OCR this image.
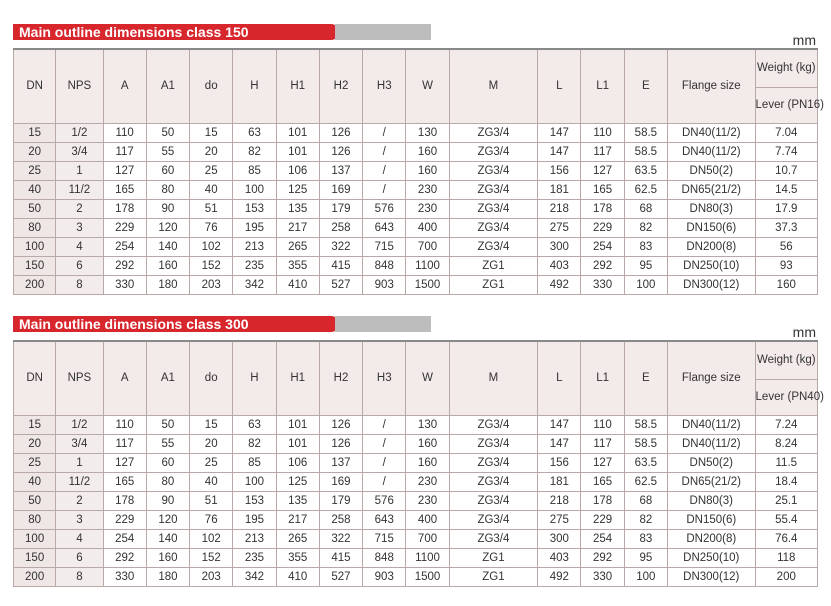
Main outline dimensions class 150	mm
DN	NPS	A	A1	do	H	H1	H2	H3	W	M	L	L1	E	Flange size	Weight (kg)
															Lever (PN16)
15	1/2	110	50	15	63	101	126	/	130	ZG3/4	147	110	58.5	DN40(11/2)	7.04
20	3/4	117	55	20	82	101	126	/	160	ZG3/4	147	117	58.5	DN40(11/2)	7.74
25	1	127	60	25	85	106	137	/	160	ZG3/4	156	127	63.5	DN50(2)	10.7
40	11/2	165	80	40	100	125	169	/	230	ZG3/4	181	165	62.5	DN65(21/2)	14.5
50	2	178	90	51	153	135	179	576	230	ZG3/4	218	178	68	DN80(3)	17.9
80	3	229	120	76	195	217	258	643	400	ZG3/4	275	229	82	DN150(6)	37.3
100	4	254	140	102	213	265	322	715	700	ZG3/4	300	254	83	DN200(8)	56
150	6	292	160	152	235	355	415	848	1100	ZG1	403	292	95	DN250(10)	93
200	8	330	180	203	342	410	527	903	1500	ZG1	492	330	100	DN300(12)	160
Main outline dimensions class 300	mm
DN	NPS	A	A1	do	H	H1	H2	H3	W	M	L	L1	E	Flange size	Weight (kg)
															Lever (PN40)
15	1/2	110	50	15	63	101	126	/	130	ZG3/4	147	110	58.5	DN40(11/2)	7.24
20	3/4	117	55	20	82	101	126	/	160	ZG3/4	147	117	58.5	DN40(11/2)	8.24
25	1	127	60	25	85	106	137	/	160	ZG3/4	156	127	63.5	DN50(2)	11.5
40	11/2	165	80	40	100	125	169	/	230	ZG3/4	181	165	62.5	DN65(21/2)	18.4
50	2	178	90	51	153	135	179	576	230	ZG3/4	218	178	68	DN80(3)	25.1
80	3	229	120	76	195	217	258	643	400	ZG3/4	275	229	82	DN150(6)	55.4
100	4	254	140	102	213	265	322	715	700	ZG3/4	300	254	83	DN200(8)	76.4
150	6	292	160	152	235	355	415	848	1100	ZG1	403	292	95	DN250(10)	118
200	8	330	180	203	342	410	527	903	1500	ZG1	492	330	100	DN300(12)	200
